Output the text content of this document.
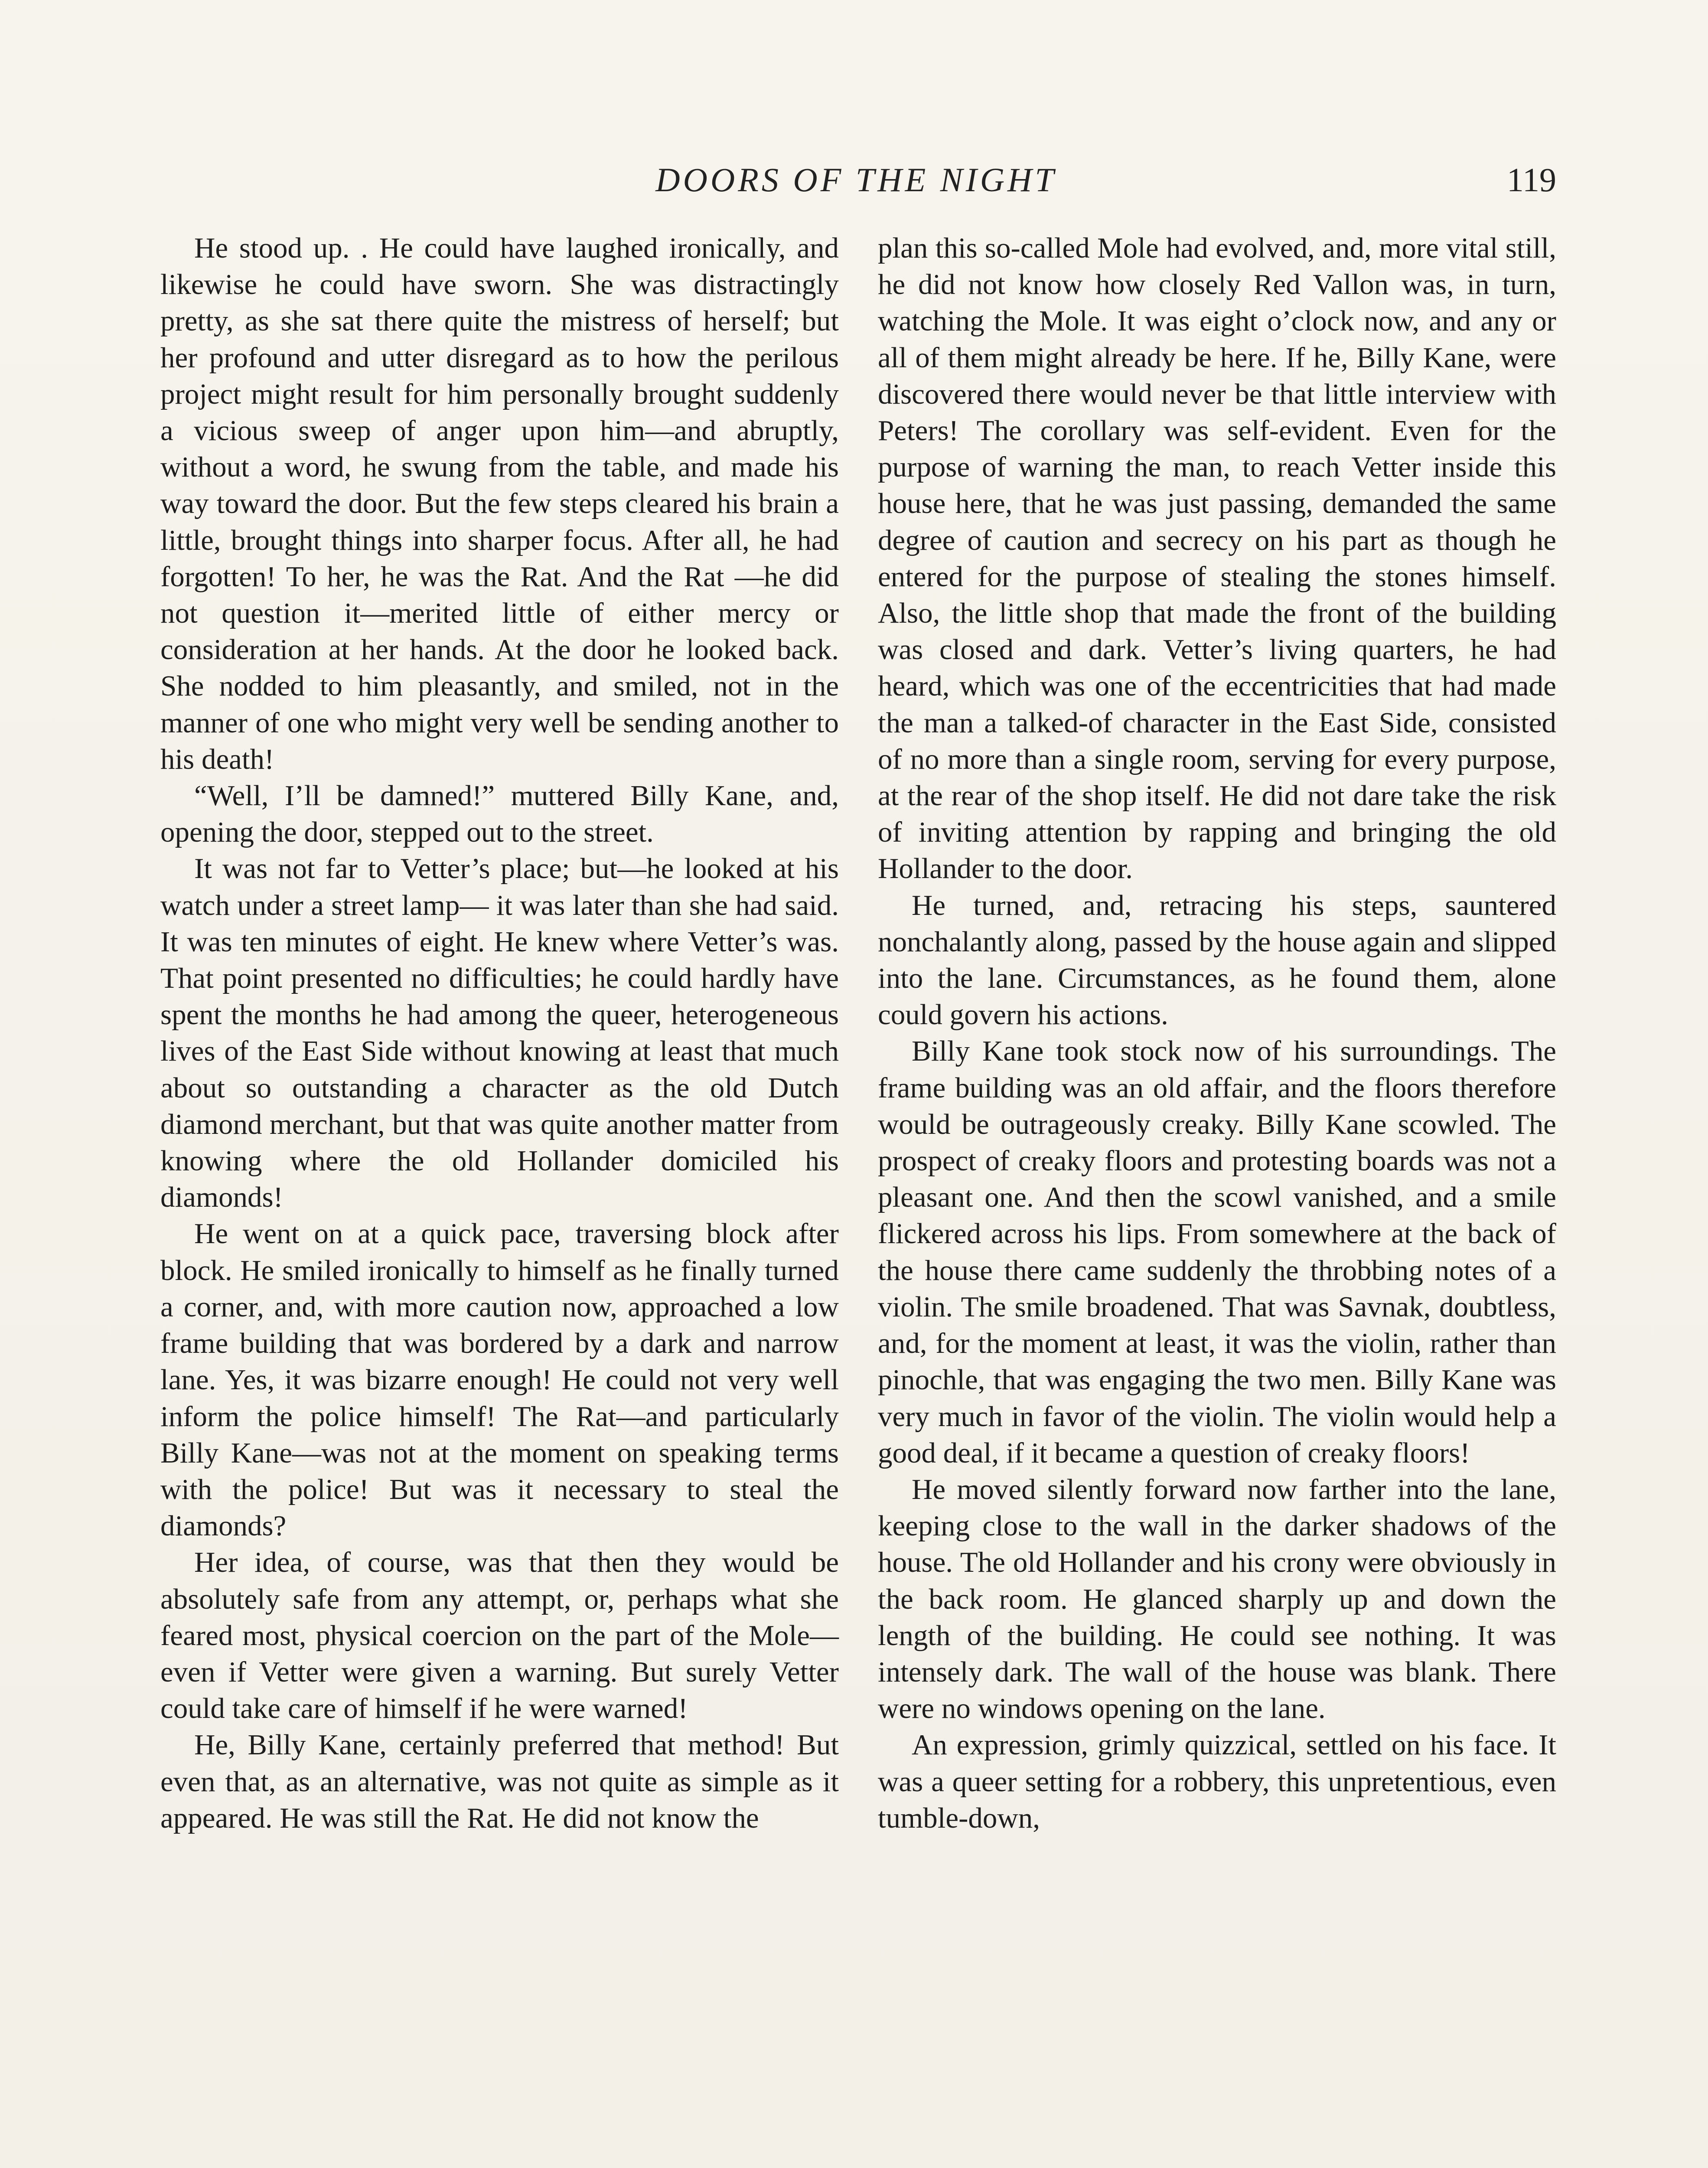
DOORS OF THE NIGHT	119

He stood up. . He could have laughed ironically, and likewise he could have sworn. She was distractingly pretty, as she sat there quite the mistress of herself; but her profound and utter disregard as to how the perilous project might result for him personally brought suddenly a vicious sweep of anger upon him—and abruptly, without a word, he swung from the table, and made his way toward the door. But the few steps cleared his brain a little, brought things into sharper focus. After all, he had forgotten! To her, he was the Rat. And the Rat —he did not question it—merited little of either mercy or consideration at her hands. At the door he looked back. She nodded to him pleasantly, and smiled, not in the manner of one who might very well be sending another to his death!

“Well, I’ll be damned!” muttered Billy Kane, and, opening the door, stepped out to the street.

It was not far to Vetter’s place; but—he looked at his watch under a street lamp— it was later than she had said. It was ten minutes of eight. He knew where Vetter’s was. That point presented no difficulties; he could hardly have spent the months he had among the queer, heterogeneous lives of the East Side without knowing at least that much about so outstanding a character as the old Dutch diamond merchant, but that was quite another matter from knowing where the old Hollander domiciled his diamonds!

He went on at a quick pace, traversing block after block. He smiled ironically to himself as he finally turned a corner, and, with more caution now, approached a low frame building that was bordered by a dark and narrow lane. Yes, it was bizarre enough! He could not very well inform the police himself! The Rat—and particularly Billy Kane—was not at the moment on speaking terms with the police! But was it necessary to steal the diamonds?

Her idea, of course, was that then they would be absolutely safe from any attempt, or, perhaps what she feared most, physical coercion on the part of the Mole—even if Vetter were given a warning. But surely Vetter could take care of himself if he were warned!

He, Billy Kane, certainly preferred that method! But even that, as an alternative, was not quite as simple as it appeared. He was still the Rat. He did not know the

plan this so-called Mole had evolved, and, more vital still, he did not know how closely Red Vallon was, in turn, watching the Mole. It was eight o’clock now, and any or all of them might already be here. If he, Billy Kane, were discovered there would never be that little interview with Peters! The corollary was self-evident. Even for the purpose of warning the man, to reach Vetter inside this house here, that he was just passing, demanded the same degree of caution and secrecy on his part as though he entered for the purpose of stealing the stones himself. Also, the little shop that made the front of the building was closed and dark. Vetter’s living quarters, he had heard, which was one of the eccentricities that had made the man a talked-of character in the East Side, consisted of no more than a single room, serving for every purpose, at the rear of the shop itself. He did not dare take the risk of inviting attention by rapping and bringing the old Hollander to the door.

He turned, and, retracing his steps, sauntered nonchalantly along, passed by the house again and slipped into the lane. Circumstances, as he found them, alone could govern his actions.

Billy Kane took stock now of his surroundings. The frame building was an old affair, and the floors therefore would be outrageously creaky. Billy Kane scowled. The prospect of creaky floors and protesting boards was not a pleasant one. And then the scowl vanished, and a smile flickered across his lips. From somewhere at the back of the house there came suddenly the throbbing notes of a violin. The smile broadened. That was Savnak, doubtless, and, for the moment at least, it was the violin, rather than pinochle, that was engaging the two men. Billy Kane was very much in favor of the violin. The violin would help a good deal, if it became a question of creaky floors!

He moved silently forward now farther into the lane, keeping close to the wall in the darker shadows of the house. The old Hollander and his crony were obviously in the back room. He glanced sharply up and down the length of the building. He could see nothing. It was intensely dark. The wall of the house was blank. There were no windows opening on the lane.

An expression, grimly quizzical, settled on his face. It was a queer setting for a robbery, this unpretentious, even tumble-down,
